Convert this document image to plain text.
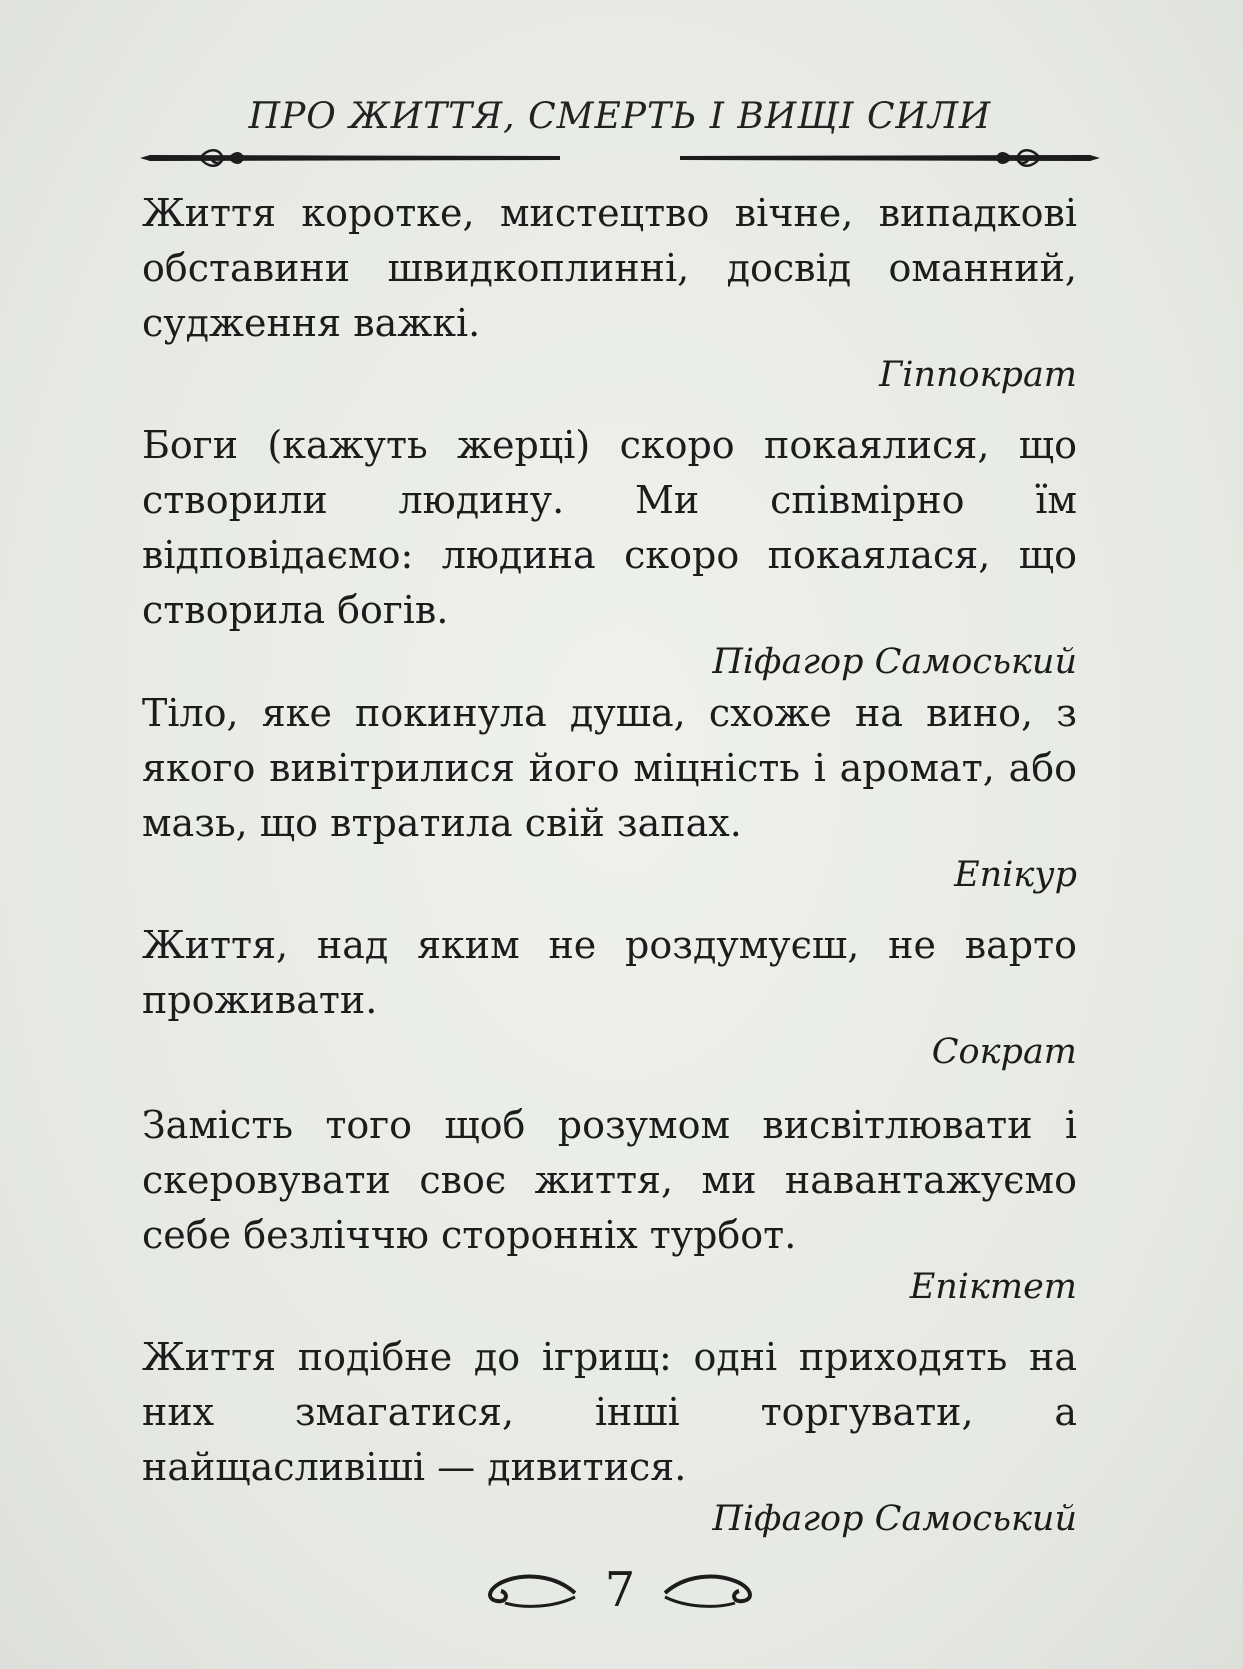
ПРО ЖИТТЯ, СМЕРТЬ І ВИЩІ СИЛИ

Життя коротке, мистецтво вічне, випадкові обставини швидкоплинні, досвід оманний, судження важкі.

Гіппократ

Боги (кажуть жерці) скоро покаялися, що створили людину. Ми співмірно їм відповідаємо: людина скоро покаялася, що створила богів.

Піфагор Самоський

Тіло, яке покинула душа, схоже на вино, з якого вивітрилися його міцність і аромат, або мазь, що втратила свій запах.

Епікур

Життя, над яким не роздумуєш, не варто проживати.

Сократ

Замість того щоб розумом висвітлювати і скеровувати своє життя, ми навантажуємо себе безліччю сторонніх турбот.

Епіктет

Життя подібне до ігрищ: одні приходять на них змагатися, інші торгувати, а найщасливіші — дивитися.

Піфагор Самоський

7
